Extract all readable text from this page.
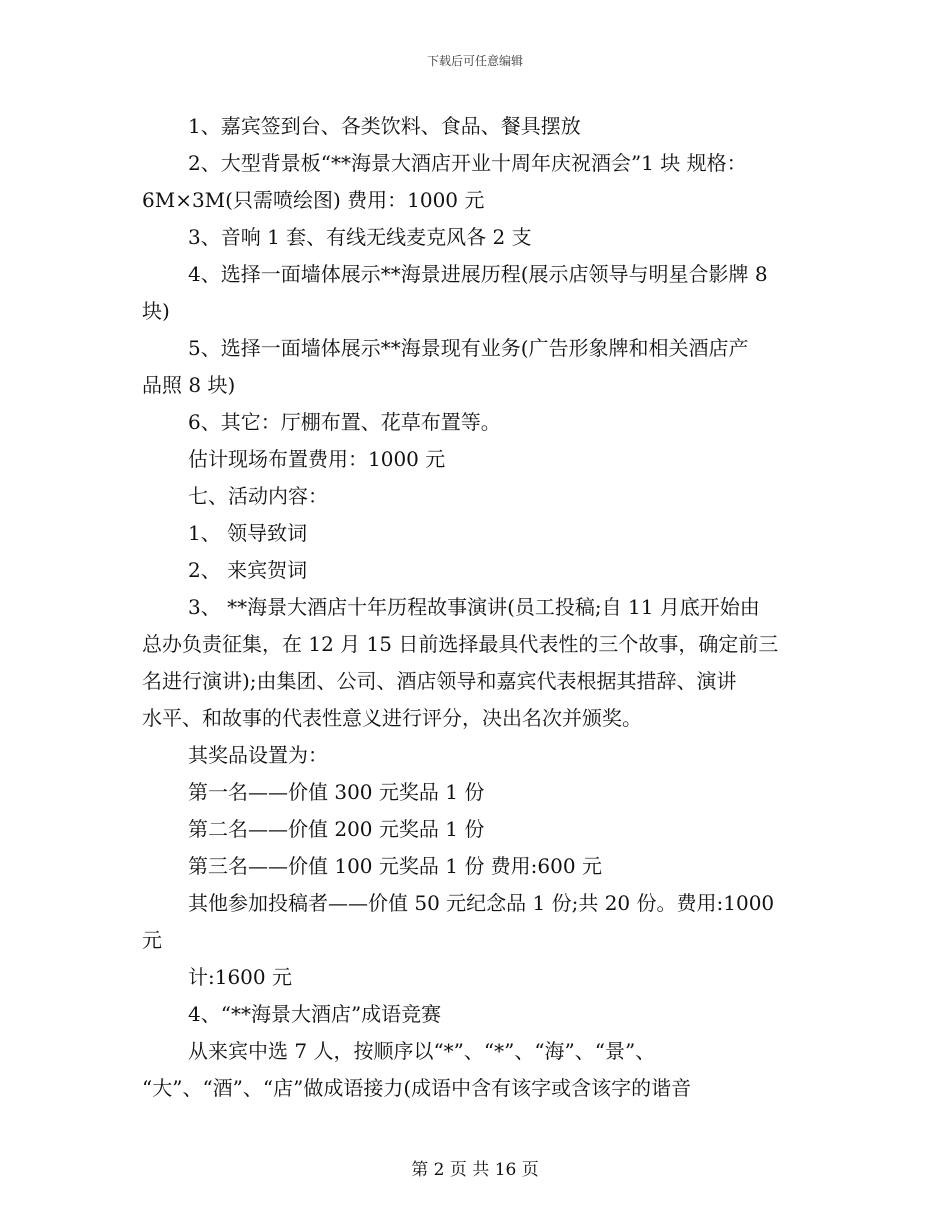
下载后可任意编辑
1、嘉宾签到台、各类饮料、食品、餐具摆放
2、大型背景板“**海景大酒店开业十周年庆祝酒会”1 块 规格：
6M×3M(只需喷绘图) 费用：1000 元
3、音响 1 套、有线无线麦克风各 2 支
4、选择一面墙体展示**海景进展历程(展示店领导与明星合影牌 8
块)
5、选择一面墙体展示**海景现有业务(广告形象牌和相关酒店产
品照 8 块)
6、其它：厅棚布置、花草布置等。
估计现场布置费用：1000 元
七、活动内容：
1、 领导致词
2、 来宾贺词
3、 **海景大酒店十年历程故事演讲(员工投稿;自 11 月底开始由
总办负责征集，在 12 月 15 日前选择最具代表性的三个故事，确定前三
名进行演讲);由集团、公司、酒店领导和嘉宾代表根据其措辞、演讲
水平、和故事的代表性意义进行评分，决出名次并颁奖。
其奖品设置为：
第一名——价值 300 元奖品 1 份
第二名——价值 200 元奖品 1 份
第三名——价值 100 元奖品 1 份 费用:600 元
其他参加投稿者——价值 50 元纪念品 1 份;共 20 份。费用:1000
元
计:1600 元
4、“**海景大酒店”成语竞赛
从来宾中选 7 人，按顺序以“*”、“*”、“海”、“景”、
“大”、“酒”、“店”做成语接力(成语中含有该字或含该字的谐音
第 2 页 共 16 页
